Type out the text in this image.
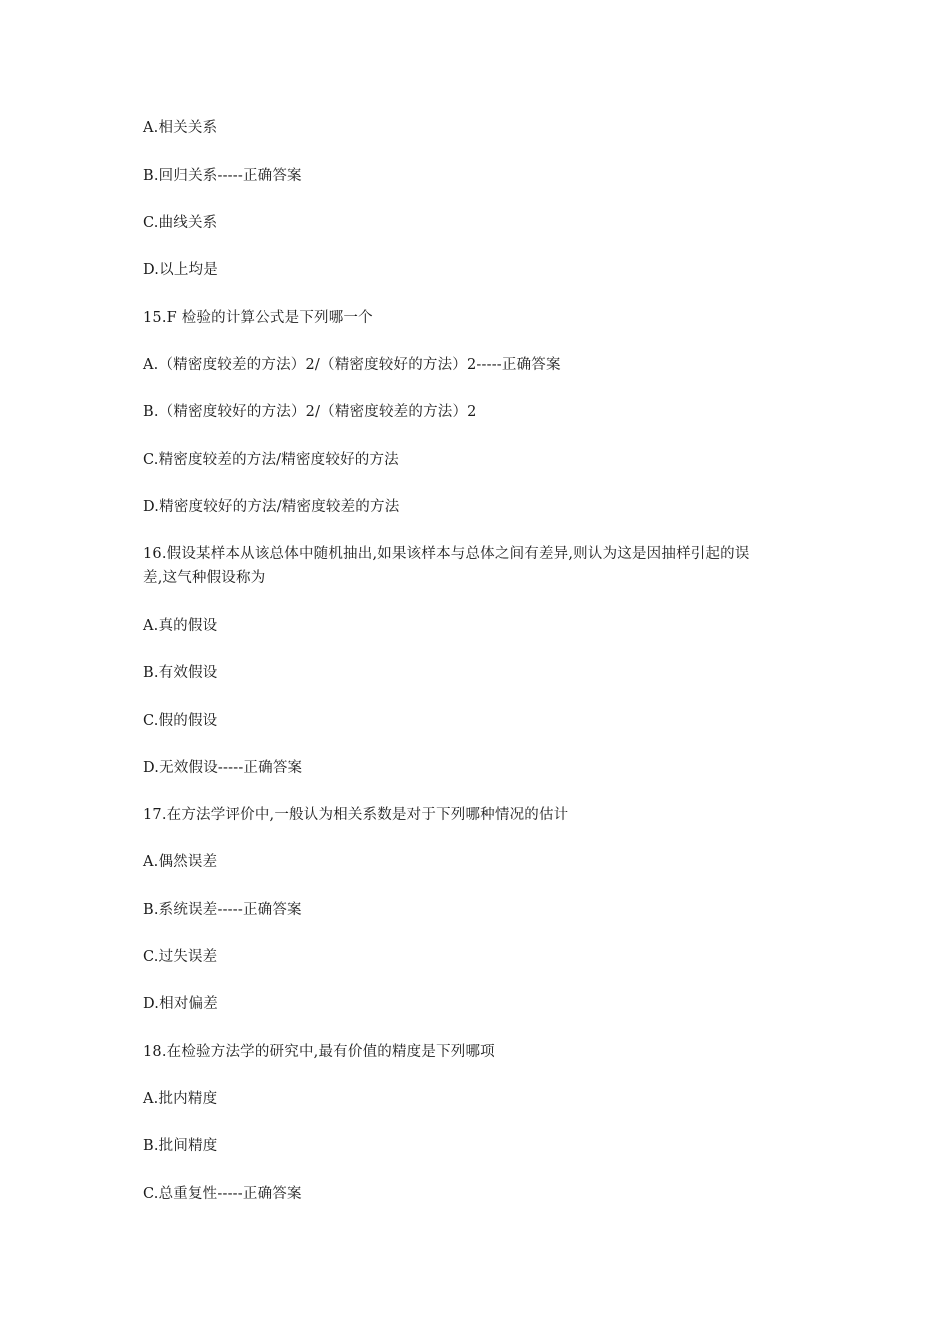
A.相关关系
B.回归关系-----正确答案
C.曲线关系
D.以上均是
15.F 检验的计算公式是下列哪一个
A.（精密度较差的方法）2/（精密度较好的方法）2-----正确答案
B.（精密度较好的方法）2/（精密度较差的方法）2
C.精密度较差的方法/精密度较好的方法
D.精密度较好的方法/精密度较差的方法
16.假设某样本从该总体中随机抽出,如果该样本与总体之间有差异,则认为这是因抽样引起的误
差,这气种假设称为
A.真的假设
B.有效假设
C.假的假设
D.无效假设-----正确答案
17.在方法学评价中,一般认为相关系数是对于下列哪种情况的估计
A.偶然误差
B.系统误差-----正确答案
C.过失误差
D.相对偏差
18.在检验方法学的研究中,最有价值的精度是下列哪项
A.批内精度
B.批间精度
C.总重复性-----正确答案
